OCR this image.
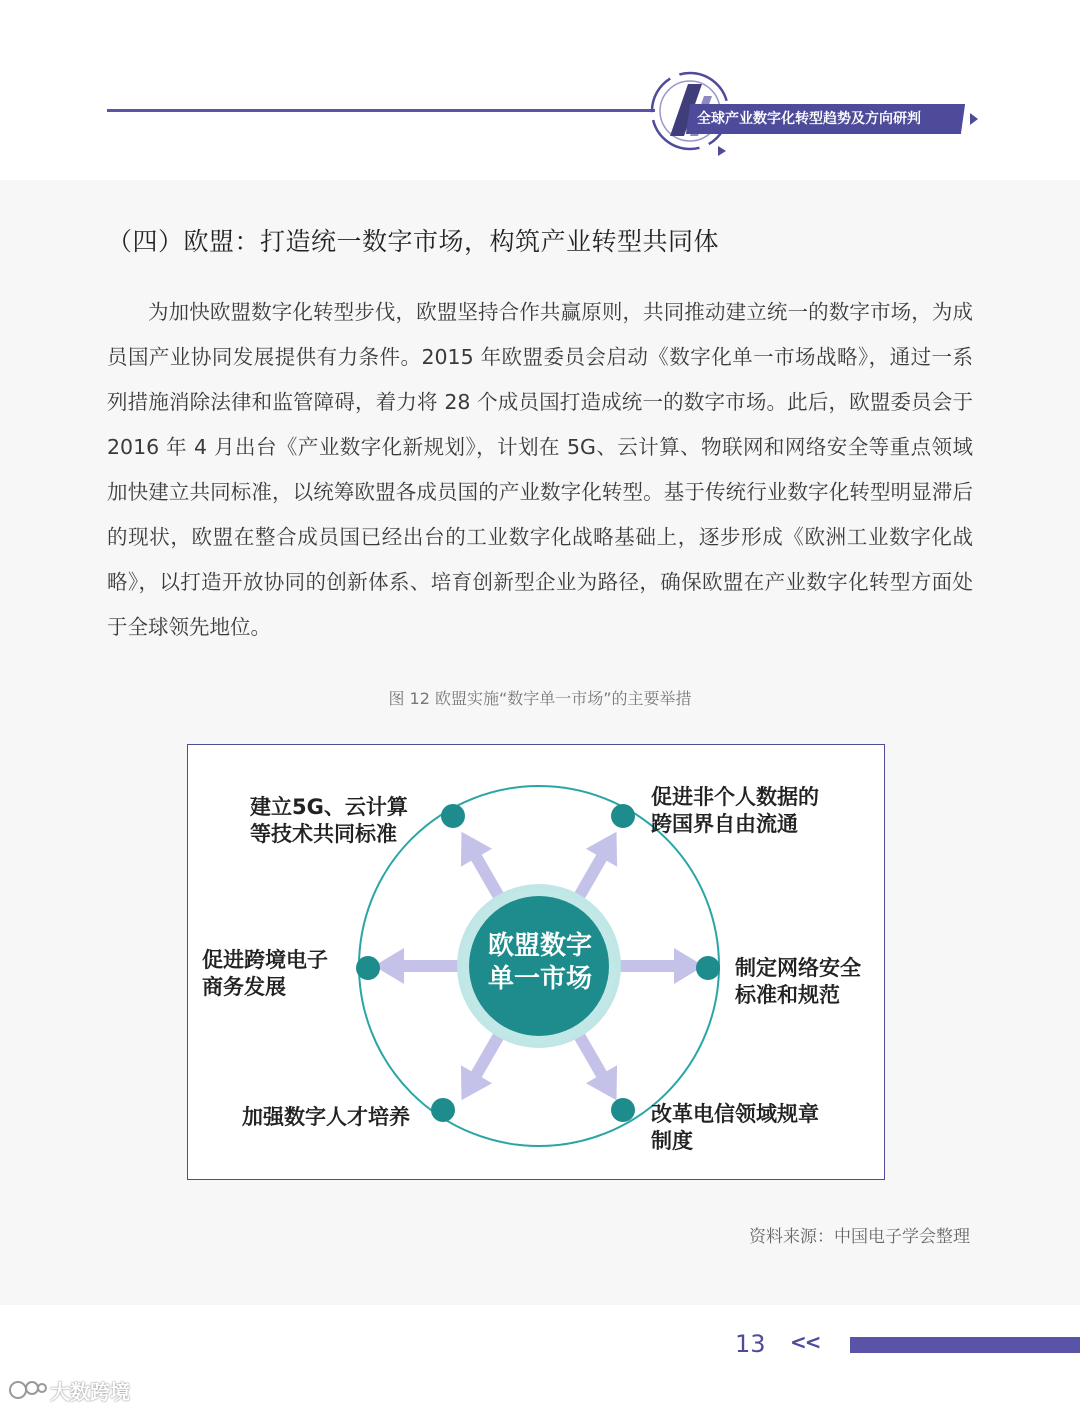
全球产业数字化转型趋势及方向研判
（四）欧盟：打造统一数字市场，构筑产业转型共同体
为加快欧盟数字化转型步伐，欧盟坚持合作共赢原则，共同推动建立统一的数字市场，为成员国产业协同发展提供有力条件。2015 年欧盟委员会启动《数字化单一市场战略》，通过一系列措施消除法律和监管障碍，着力将 28 个成员国打造成统一的数字市场。此后，欧盟委员会于 2016 年 4 月出台《产业数字化新规划》，计划在 5G、云计算、物联网和网络安全等重点领域加快建立共同标准，以统筹欧盟各成员国的产业数字化转型。基于传统行业数字化转型明显滞后的现状，欧盟在整合成员国已经出台的工业数字化战略基础上，逐步形成《欧洲工业数字化战略》，以打造开放协同的创新体系、培育创新型企业为路径，确保欧盟在产业数字化转型方面处于全球领先地位。
图 12 欧盟实施“数字单一市场”的主要举措
欧盟数字
单一市场
建立5G、云计算
等技术共同标准
促进非个人数据的
跨国界自由流通
促进跨境电子
商务发展
制定网络安全
标准和规范
加强数字人才培养	改革电信领域规章
制度
资料来源：中国电子学会整理
13 <<
大数跨境
